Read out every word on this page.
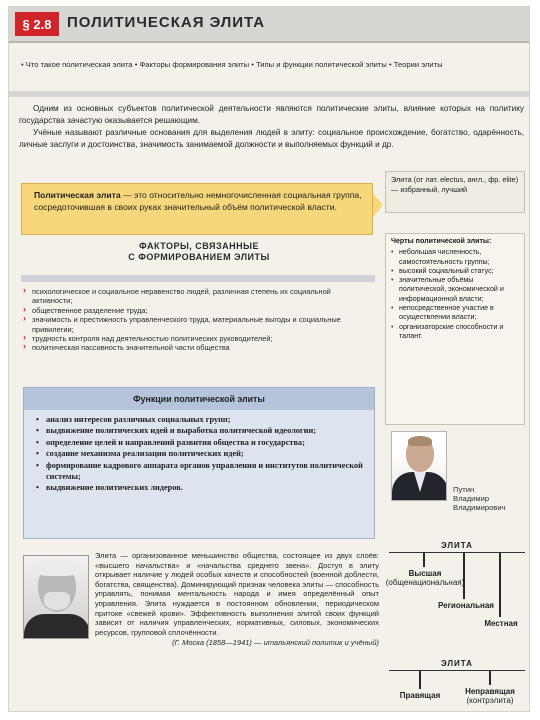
§ 2.8	ПОЛИТИЧЕСКАЯ ЭЛИТА
• Что такое политическая элита • Факторы формирования элиты • Типы и функции политической элиты • Теории элиты

Одним из основных субъектов политической деятельности являются политические элиты, влияние которых на политику государства зачастую оказывается решающим.

Учёные называют различные основания для выделения людей в элиту: социальное происхождение, богатство, одарённость, личные заслуги и достоинства, значимость занимаемой должности и выполняемых функций и др.

Политическая элита — это относительно немногочисленная социальная группа, сосредоточившая в своих руках значительный объём политической власти.
Элита (от лат. electus, англ., фр. elite) — избранный, лучший
Черты политической элиты:
• небольшая численность, самостоятельность группы;
• высокий социальный статус;
• значительные объёмы политической, экономической и информационной власти;
• непосредственное участие в осуществлении власти;
• организаторские способности и талант.
ФАКТОРЫ, СВЯЗАННЫЕ
С ФОРМИРОВАНИЕМ ЭЛИТЫ
› психологическое и социальное неравенство людей, различная степень их социальной активности;
› общественное разделение труда;
› значимость и престижность управленческого труда, материальные выгоды и социальные привилегии;
› трудность контроля над деятельностью политических руководителей;
› политическая пассивность значительной части общества
Функции политической элиты
• анализ интересов различных социальных групп;
• выдвижение политических идей и выработка политической идеологии;
• определение целей и направлений развития общества и государства;
• создание механизма реализации политических идей;
• формирование кадрового аппарата органов управления и институтов политической системы;
• выдвижение политических лидеров.	Путин
Владимир
Владимирович
Элита — организованное меньшинство общества, состоящее из двух слоёв: «высшего начальства» и «начальства среднего звена». Доступ в элиту открывает наличие у людей особых качеств и способностей (военной доблести, богатства, священства). Доминирующий признак человека элиты — способность управлять, понимая ментальность народа и имея определённый опыт управления. Элита нуждается в постоянном обновлении, периодическом притоке «свежей крови». Эффективность выполнения элитой своих функций зависит от наличия управленческих, нормативных, силовых, экономических ресурсов, групповой сплочённости.
(Г. Моска (1858—1941) — итальянский политик и учёный)
ЭЛИТА
Высшая
(общенациональная)
Региональная
Местная
ЭЛИТА
Правящая	Неправящая
(контрэлита)
